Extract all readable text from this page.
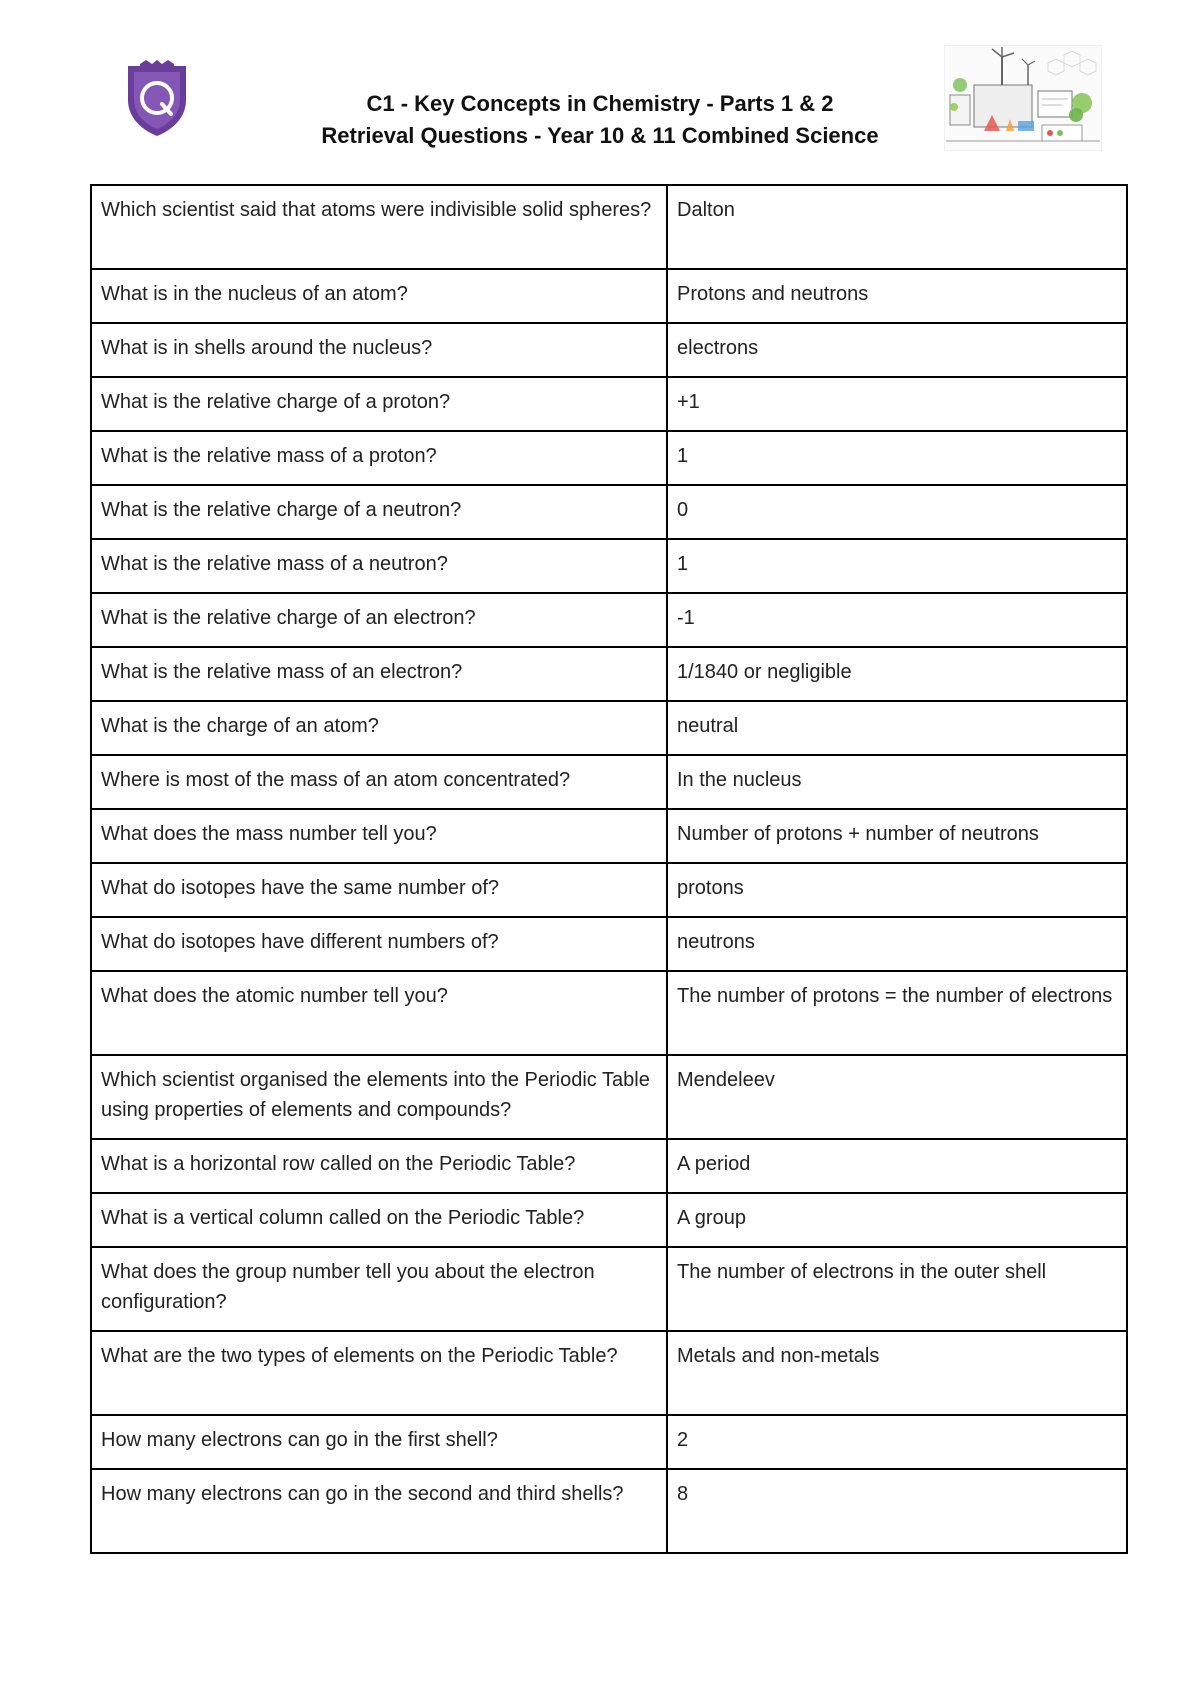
C1 - Key Concepts in Chemistry - Parts 1 & 2
Retrieval Questions - Year 10 & 11 Combined Science
Which scientist said that atoms were indivisible solid spheres?	Dalton
What is in the nucleus of an atom?	Protons and neutrons
What is in shells around the nucleus?	electrons
What is the relative charge of a proton?	+1
What is the relative mass of a proton?	1
What is the relative charge of a neutron?	0
What is the relative mass of a neutron?	1
What is the relative charge of an electron?	-1
What is the relative mass of an electron?	1/1840 or negligible
What is the charge of an atom?	neutral
Where is most of the mass of an atom concentrated?	In the nucleus
What does the mass number tell you?	Number of protons + number of neutrons
What do isotopes have the same number of?	protons
What do isotopes have different numbers of?	neutrons
What does the atomic number tell you?	The number of protons = the number of electrons
Which scientist organised the elements into the Periodic Table using properties of elements and compounds?	Mendeleev
What is a horizontal row called on the Periodic Table?	A period
What is a vertical column called on the Periodic Table?	A group
What does the group number tell you about the electron configuration?	The number of electrons in the outer shell
What are the two types of elements on the Periodic Table?	Metals and non-metals
How many electrons can go in the first shell?	2
How many electrons can go in the second and third shells?	8
